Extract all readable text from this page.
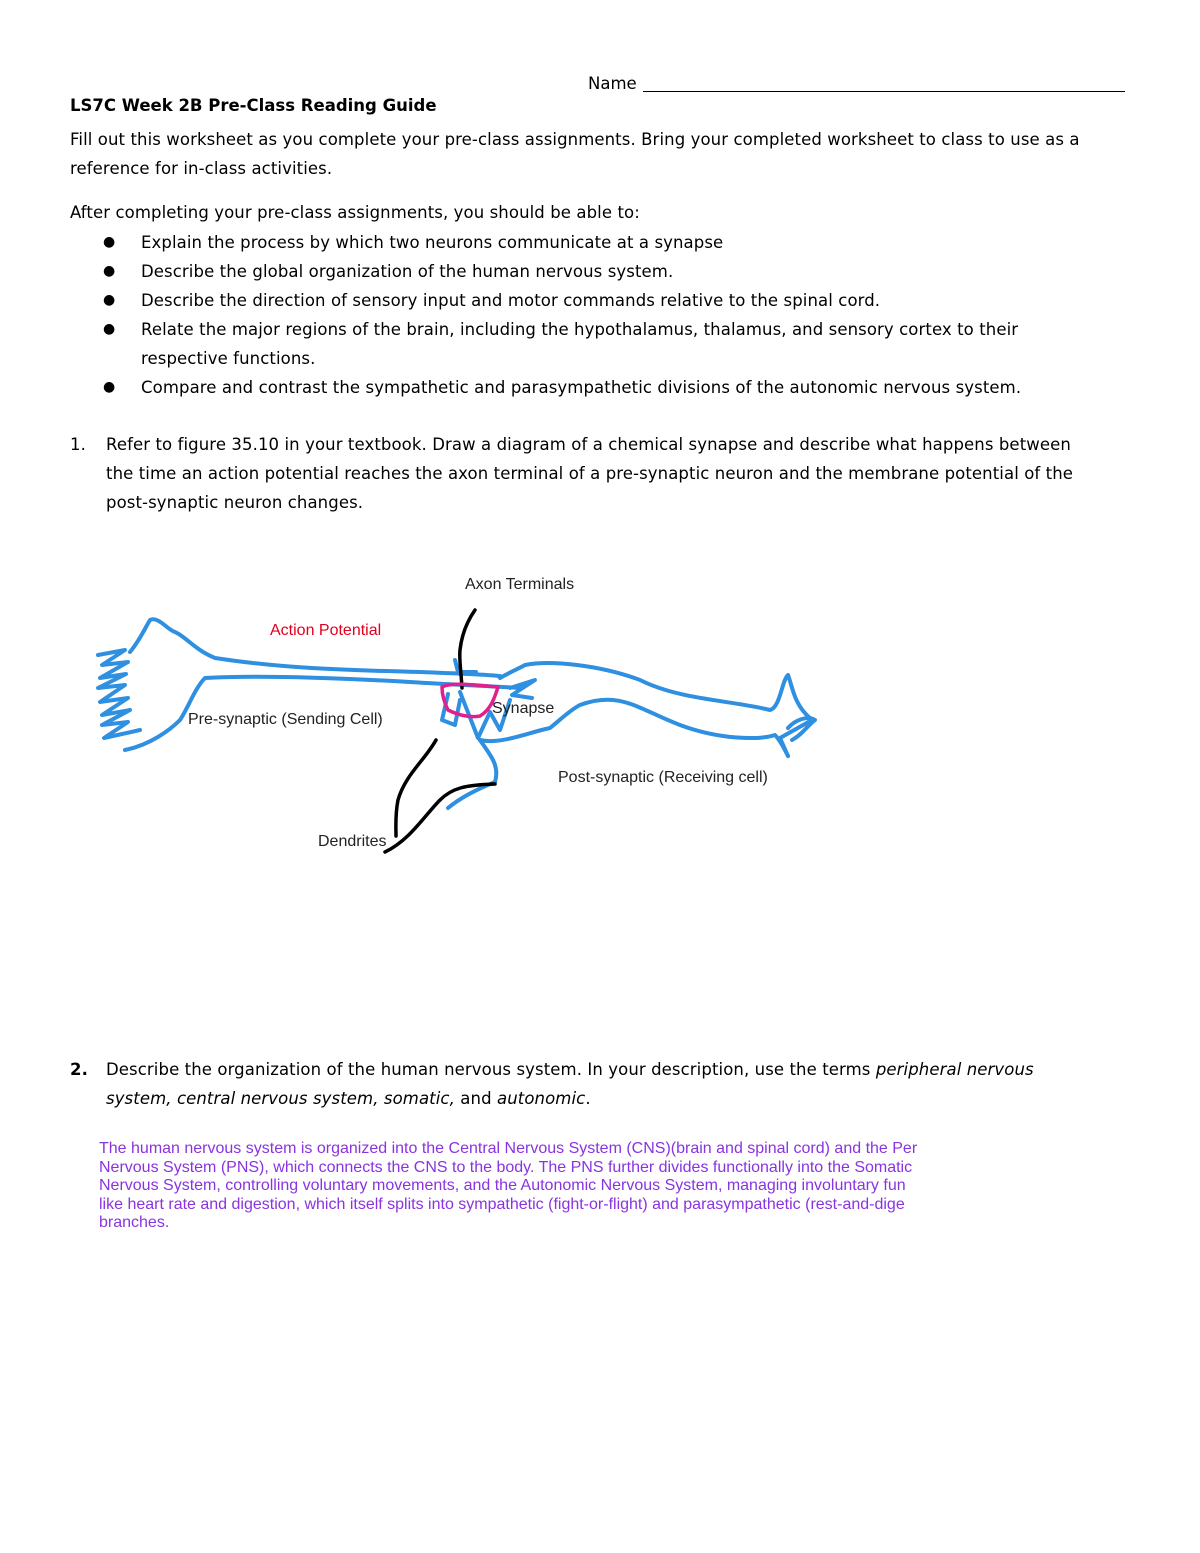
Name
LS7C Week 2B Pre-Class Reading Guide
Fill out this worksheet as you complete your pre-class assignments. Bring your completed worksheet to class to use as a
reference for in-class activities.
After completing your pre-class assignments, you should be able to:
● Explain the process by which two neurons communicate at a synapse
● Describe the global organization of the human nervous system.
● Describe the direction of sensory input and motor commands relative to the spinal cord.
● Relate the major regions of the brain, including the hypothalamus, thalamus, and sensory cortex to their
respective functions.
● Compare and contrast the sympathetic and parasympathetic divisions of the autonomic nervous system.
1. Refer to figure 35.10 in your textbook. Draw a diagram of a chemical synapse and describe what happens between
the time an action potential reaches the axon terminal of a pre-synaptic neuron and the membrane potential of the
post-synaptic neuron changes.
Axon Terminals
Action Potential
Synapse
Pre-synaptic (Sending Cell)
Post-synaptic (Receiving cell)
Dendrites
2. Describe the organization of the human nervous system. In your description, use the terms peripheral nervous
system, central nervous system, somatic, and autonomic.
The human nervous system is organized into the Central Nervous System (CNS)(brain and spinal cord) and the Per
Nervous System (PNS), which connects the CNS to the body. The PNS further divides functionally into the Somatic
Nervous System, controlling voluntary movements, and the Autonomic Nervous System, managing involuntary fun
like heart rate and digestion, which itself splits into sympathetic (fight-or-flight) and parasympathetic (rest-and-dige
branches.
